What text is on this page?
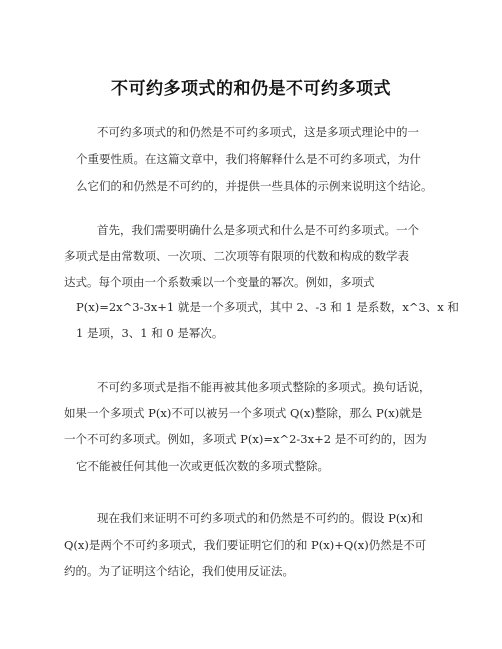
不可约多项式的和仍是不可约多项式
不可约多项式的和仍然是不可约多项式，这是多项式理论中的一
个重要性质。在这篇文章中，我们将解释什么是不可约多项式，为什
么它们的和仍然是不可约的，并提供一些具体的示例来说明这个结论。
首先，我们需要明确什么是多项式和什么是不可约多项式。一个
多项式是由常数项、一次项、二次项等有限项的代数和构成的数学表
达式。每个项由一个系数乘以一个变量的幂次。例如，多项式
P(x)=2x^3-3x+1 就是一个多项式，其中 2、-3 和 1 是系数，x^3、x 和
1 是项，3、1 和 0 是幂次。
不可约多项式是指不能再被其他多项式整除的多项式。换句话说，
如果一个多项式 P(x)不可以被另一个多项式 Q(x)整除，那么 P(x)就是
一个不可约多项式。例如，多项式 P(x)=x^2-3x+2 是不可约的，因为
它不能被任何其他一次或更低次数的多项式整除。
现在我们来证明不可约多项式的和仍然是不可约的。假设 P(x)和
Q(x)是两个不可约多项式，我们要证明它们的和 P(x)+Q(x)仍然是不可
约的。为了证明这个结论，我们使用反证法。
